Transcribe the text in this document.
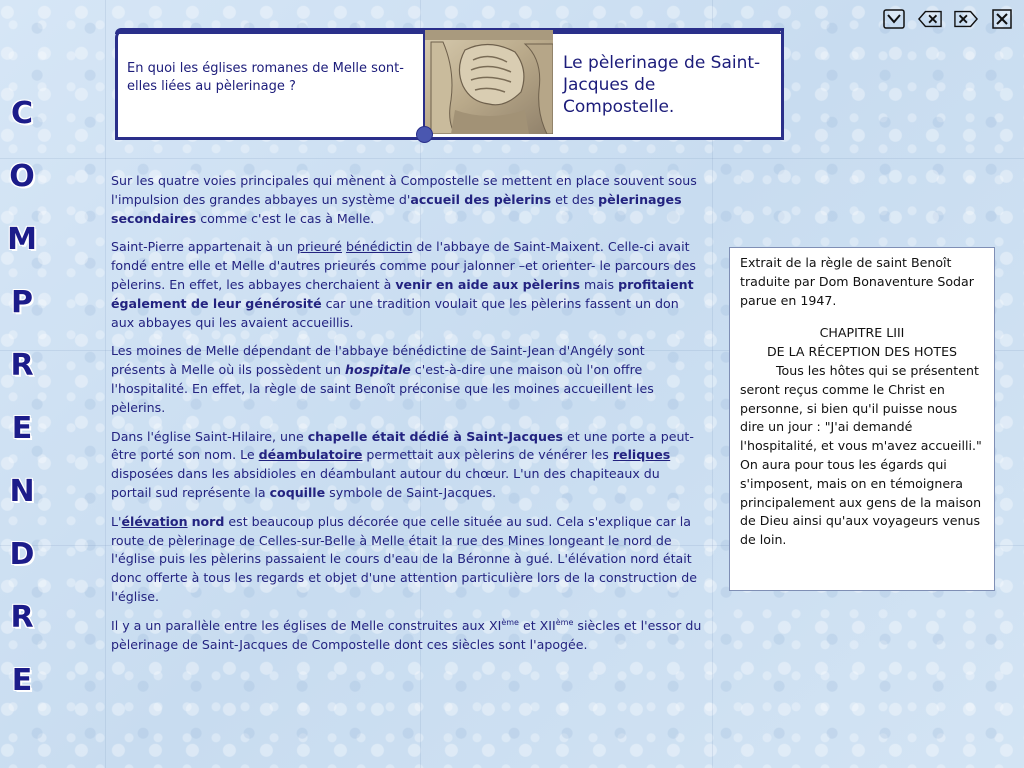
C
O
M
P
R
E
N
D
R
E
En quoi les églises romanes de Melle sont-elles liées au pèlerinage ?
Le pèlerinage de Saint-Jacques de Compostelle.

Sur les quatre voies principales qui mènent à Compostelle se mettent en place souvent sous l'impulsion des grandes abbayes un système d'accueil des pèlerins et des pèlerinages secondaires comme c'est le cas à Melle.

Saint-Pierre appartenait à un prieuré bénédictin de l'abbaye de Saint-Maixent. Celle-ci avait fondé entre elle et Melle d'autres prieurés comme pour jalonner –et orienter- le parcours des pèlerins. En effet, les abbayes cherchaient à venir en aide aux pèlerins mais profitaient également de leur générosité car une tradition voulait que les pèlerins fassent un don aux abbayes qui les avaient accueillis.

Les moines de Melle dépendant de l'abbaye bénédictine de Saint-Jean d'Angély sont présents à Melle où ils possèdent un hospitale c'est-à-dire une maison où l'on offre l'hospitalité. En effet, la règle de saint Benoît préconise que les moines accueillent les pèlerins.

Dans l'église Saint-Hilaire, une chapelle était dédié à Saint-Jacques et une porte a peut-être porté son nom. Le déambulatoire permettait aux pèlerins de vénérer les reliques disposées dans les absidioles en déambulant autour du chœur. L'un des chapiteaux du portail sud représente la coquille symbole de Saint-Jacques.

L'élévation nord est beaucoup plus décorée que celle située au sud. Cela s'explique car la route de pèlerinage de Celles-sur-Belle à Melle était la rue des Mines longeant le nord de l'église puis les pèlerins passaient le cours d'eau de la Béronne à gué. L'élévation nord était donc offerte à tous les regards et objet d'une attention particulière lors de la construction de l'église.

Il y a un parallèle entre les églises de Melle construites aux XIème et XIIème siècles et l'essor du pèlerinage de Saint-Jacques de Compostelle dont ces siècles sont l'apogée.

Extrait de la règle de saint Benoît traduite par Dom Bonaventure Sodar parue en 1947.
CHAPITRE LIII
DE LA RÉCEPTION DES HOTES
Tous les hôtes qui se présentent seront reçus comme le Christ en personne, si bien qu'il puisse nous dire un jour : "J'ai demandé l'hospitalité, et vous m'avez accueilli." On aura pour tous les égards qui s'imposent, mais on en témoignera principalement aux gens de la maison de Dieu ainsi qu'aux voyageurs venus de loin.
